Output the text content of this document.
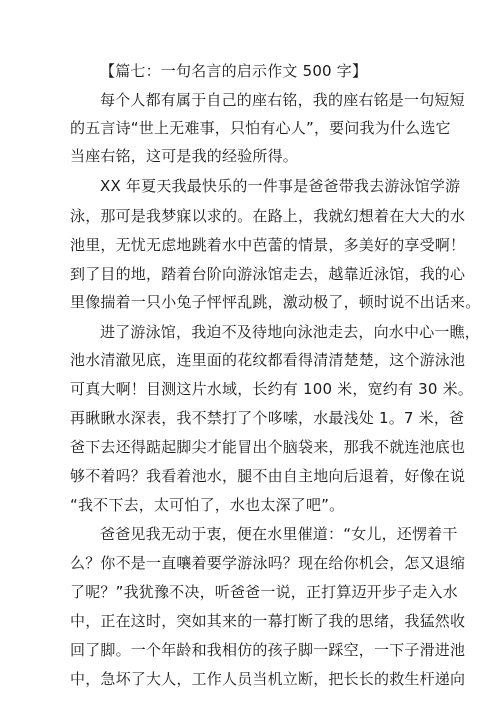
【篇七：一句名言的启示作文 500 字】
每个人都有属于自己的座右铭，我的座右铭是一句短短
的五言诗“世上无难事，只怕有心人”，要问我为什么选它
当座右铭，这可是我的经验所得。
XX 年夏天我最快乐的一件事是爸爸带我去游泳馆学游
泳，那可是我梦寐以求的。在路上，我就幻想着在大大的水
池里，无忧无虑地跳着水中芭蕾的情景，多美好的享受啊！
到了目的地，踏着台阶向游泳馆走去，越靠近泳馆，我的心
里像揣着一只小兔子怦怦乱跳，激动极了，顿时说不出话来。
进了游泳馆，我迫不及待地向泳池走去，向水中心一瞧，
池水清澈见底，连里面的花纹都看得清清楚楚，这个游泳池
可真大啊！目测这片水域，长约有 100 米，宽约有 30 米。
再瞅瞅水深表，我不禁打了个哆嗦，水最浅处 1。7 米，爸
爸下去还得踮起脚尖才能冒出个脑袋来，那我不就连池底也
够不着吗？我看着池水，腿不由自主地向后退着，好像在说
“我不下去，太可怕了，水也太深了吧”。
爸爸见我无动于衷，便在水里催道：“女儿，还愣着干
么？你不是一直嚷着要学游泳吗？现在给你机会，怎又退缩
了呢？”我犹豫不决，听爸爸一说，正打算迈开步子走入水
中，正在这时，突如其来的一幕打断了我的思绪，我猛然收
回了脚。一个年龄和我相仿的孩子脚一踩空，一下子滑进池
中，急坏了大人，工作人员当机立断，把长长的救生杆递向
